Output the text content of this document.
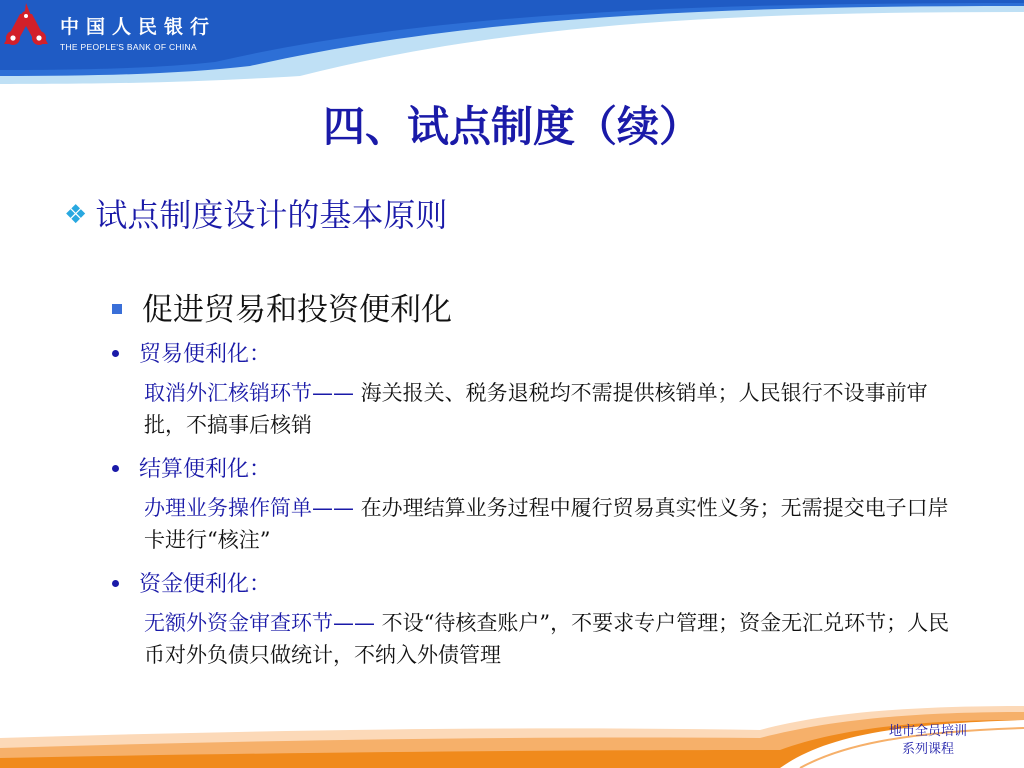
中国人民银行
THE PEOPLE'S BANK OF CHINA
四、试点制度（续）
❖ 试点制度设计的基本原则
促进贸易和投资便利化
贸易便利化：
取消外汇核销环节—— 海关报关、税务退税均不需提供核销单；人民银行不设事前审批，不搞事后核销
结算便利化：
办理业务操作简单—— 在办理结算业务过程中履行贸易真实性义务；无需提交电子口岸卡进行“核注”
资金便利化：
无额外资金审查环节—— 不设“待核查账户”，不要求专户管理；资金无汇兑环节；人民币对外负债只做统计，不纳入外债管理
地市全员培训
系列课程
